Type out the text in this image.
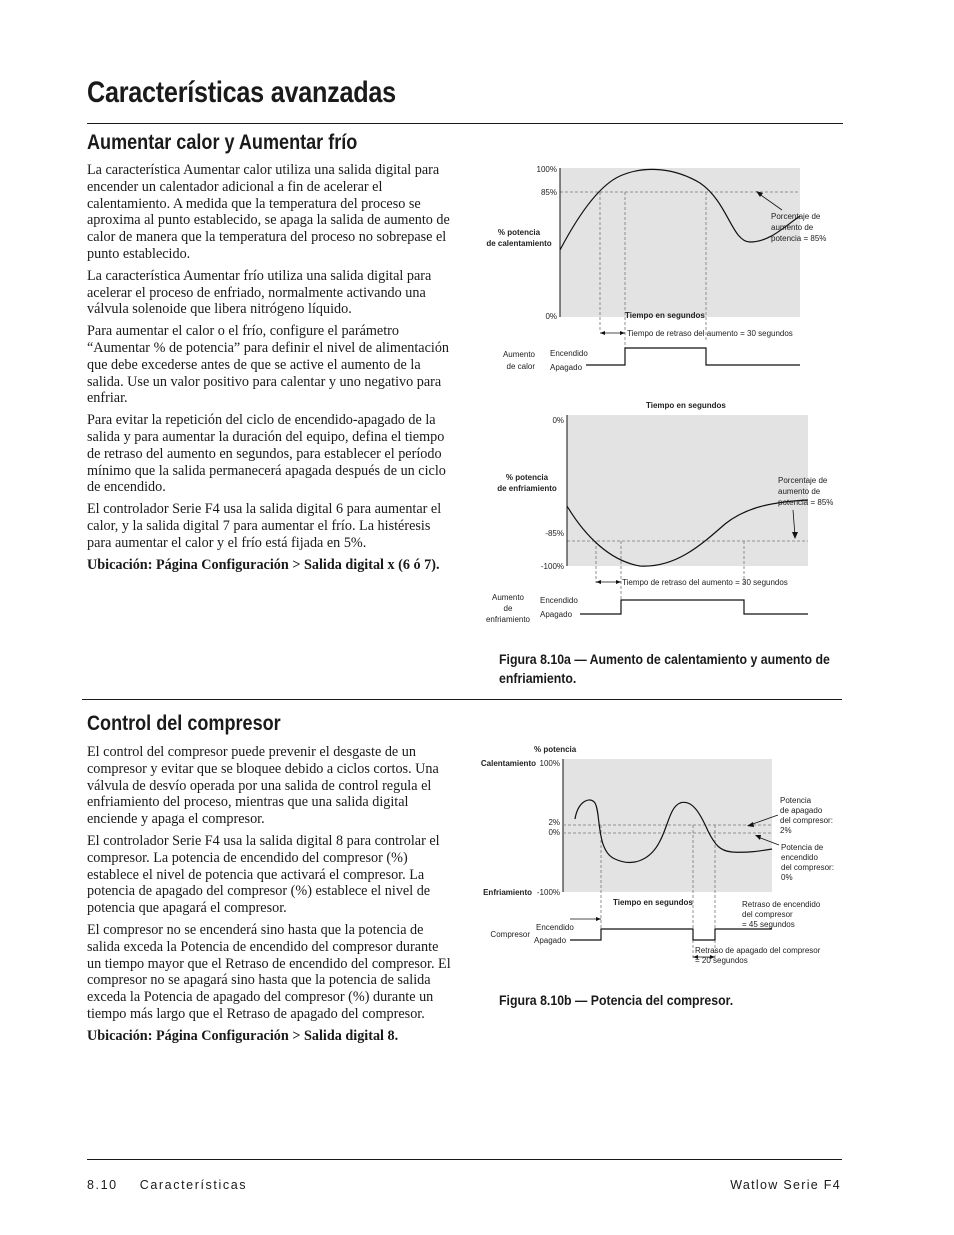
Características avanzadas
Aumentar calor y Aumentar frío

La característica Aumentar calor utiliza una salida digital para encender un calentador adicional a fin de acelerar el calentamiento. A medida que la temperatura del proceso se aproxima al punto establecido, se apaga la salida de aumento de calor de manera que la temperatura del proceso no sobrepase el punto establecido.

La característica Aumentar frío utiliza una salida digital para acelerar el proceso de enfriado, normalmente activando una válvula solenoide que libera nitrógeno líquido.

Para aumentar el calor o el frío, configure el parámetro “Aumentar % de potencia” para definir el nivel de alimentación que debe excederse antes de que se active el aumento de la salida. Use un valor positivo para calentar y uno negativo para enfriar.

Para evitar la repetición del ciclo de encendido-apagado de la salida y para aumentar la duración del equipo, defina el tiempo de retraso del aumento en segundos, para establecer el período mínimo que la salida permanecerá apagada después de un ciclo de encendido.

El controlador Serie F4 usa la salida digital 6 para aumentar el calor, y la salida digital 7 para aumentar el frío. La histéresis para aumentar el calor y el frío está fijada en 5%.

Ubicación: Página Configuración > Salida digital x (6 ó 7).

100%
85%
0%
% potencia
de calentamiento
Porcentaje de
aumento de
potencia = 85%
Tiempo en segundos
Tiempo de retraso del aumento = 30 segundos
Aumento
de calor
Encendido
Apagado
Tiempo en segundos
0%
-85%
-100%
% potencia
de enfriamiento
Porcentaje de
aumento de
potencia = 85%
Tiempo de retraso del aumento = 30 segundos
Aumento
de
enfriamiento
Encendido
Apagado
Figura 8.10a — Aumento de calentamiento y aumento de enfriamiento.
Control del compresor

El control del compresor puede prevenir el desgaste de un compresor y evitar que se bloquee debido a ciclos cortos. Una válvula de desvío operada por una salida de control regula el enfriamiento del proceso, mientras que una salida digital enciende y apaga el compresor.

El controlador Serie F4 usa la salida digital 8 para controlar el compresor. La potencia de encendido del compresor (%) establece el nivel de potencia que activará el compresor. La potencia de apagado del compresor (%) establece el nivel de potencia que apagará el compresor.

El compresor no se encenderá sino hasta que la potencia de salida exceda la Potencia de encendido del compresor durante un tiempo mayor que el Retraso de encendido del compresor. El compresor no se apagará sino hasta que la potencia de salida exceda la Potencia de apagado del compresor (%) durante un tiempo más largo que el Retraso de apagado del compresor.

Ubicación: Página Configuración > Salida digital 8.

% potencia
Calentamiento
Enfriamiento
100%
2%
0%
-100%
Potencia
de apagado
del compresor:
2%
Potencia de
encendido
del compresor:
0%
Tiempo en segundos	Retraso de encendido
del compresor
= 45 segundos
Compresor
Encendido
Apagado
Retraso de apagado del compresor
= 20 segundos
Figura 8.10b — Potencia del compresor.
8.10 Características	Watlow Serie F4
